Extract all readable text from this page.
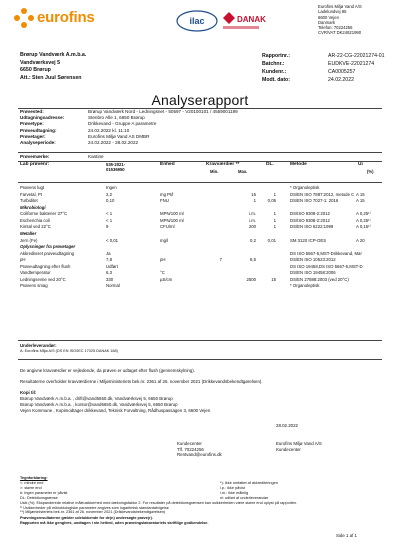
eurofins	ilac	DANAK
Eurofins Miljø Vand A/S
Ladelundvej 85
6600 Vejen
Danmark
Telefon: 70224256
CVR/VAT DK24621990
Brørup Vandværk A.m.b.a.
Vandværksvej 5
6650 Brørup
Att.: Sten Juul Sørensen
Rapportnr.:	AR-22-CG-22021274-01
Batchnr.:	EUDKVE-22021274
Kundenr.:	CA0005257
Modt. dato:	24.02.2022
Analyserapport
Prøvested:	Brørup Vandværk Nord - Ledningsnet - 50597 - V20100101 / 4559001199
Udtagningsadresse:	Stenbro Alle 1, 6650 Brørup
Prøvetype:	Drikkevand - Gruppe A parametre
Prøveudtagning:	24.02.2022 kl. 11:10
Prøvetager:	Eurofins Miljø Vand AS DMBR
Analyseperiode:	24.02.2022 - 28.02.2022
Prøvemærke:	Kantine
Lab prøvenr:	535-2021-
01536950
Enhed	Kravværdier **
Min.	Max.
DL.	Metode	Ui
(%)
Prøvens lugt	Ingen	* Organoleptisk
Farvetal, Pt	2,2	mg Pt/l	15	1	DS/EN ISO 7887:2012, metode C A 15
Turbiditet	0,10	FNU	1	0,05	DS/EN ISO 7027-1: 2016	A 15
Mikrobiologi
Coliforme bakterier 37°C	< 1	MPN/100 ml	i.m.	1	DS/ISO 9308-2:2012	A 0,25¹⁾
Escherichia coli	< 1	MPN/100 ml	i.m.	1	DS/ISO 9308-2:2012	A 0,25¹⁾
Kimtal ved 22°C	9	CFU/ml	200	1	DS/EN ISO 6222:1999	A 0,15¹⁾
Metaller
Jern (Fe)	< 0,01	mg/l	0,2	0,01	SM 3120 ICP-OES	A 20
Oplysninger fra prøvetager
Akkrediteret prøveudtagning	Ja	DS ISO 5667-5,MST-Drikkevand, Mar
pH	7,8	pH	7	8,5	DS/EN ISO 10523:2012
Prøveudtagning efter flush	Udført	DS ISO 19458,DS ISO 5667-5,MST-D
Vandtemperatur	6,3	°C	DS/EN ISO 19458:2006
Ledningsevne ved 20°C	330	µS/cm	2500	15	DS/EN 27888:2003 (ved 20°C)
Prøvens smag	Normal	* Organoleptisk
Underleverandør:
A: Eurofins Miljø A/S (DS EN ISO/IEC 17025 DANAK 168)
De angivne kravværdier er vejledende, da prøven er udtaget efter flush (gennemskylning).
Resultaterne overholder kravværdierne i Miljøministeriets bek.nr. 2361 af 26. november 2021 (Drikkevandsbekendtgørelsen).
Kopi til:
Brørup Vandværk A.m.b.a. , drift@vand6650.dk, Vandværksvej 5, 6650 Brørup
Brørup Vandværk A.m.b.a. , kontor@vand6650.dk, Vandværksvej 5, 6650 Brørup
Vejen Kommune , Kopimodtager drikkevand, Teknisk Forvaltning, Rådhuspassagen 3, 6600 Vejen
28.02.2022
Kundecenter
Tlf. 70224256
Rentvand@eurofins.dk
Eurofins Miljø Vand A/S
Kundecenter
Tegnforklaring:
<: mindre end	*): Ikke omfattet af akkrediteringen
>: større end	i.p.: ikke påvist
#: Ingen parameter er påvist	i.m.: ikke målelig
DL: Detektionsgrænse	ni: udført af underleverandør
Usik (%): Ekspanderede relative måleusikkerhed med dækningsfaktor 2. For resultater på detektionsgrænsen kan usikkerheden være større end oplyst på rapporten.
¹⁾ Usikkerheder på mikrobiologiske parametre angives som logaritmisk standardafvigelse
**) Miljøministeriets bek.nr. 2361 af 26. november 2021 (Drikkevandsbekendtgørelsen)
Prøvningsresultaterne gælder udelukkende for de(n) undersøgte prøve(r).
Rapporten må ikke gengives, undtagen i sin helhed, uden prøvningslaboratoriets skriftlige godkendelse.
Side 1 af 1
